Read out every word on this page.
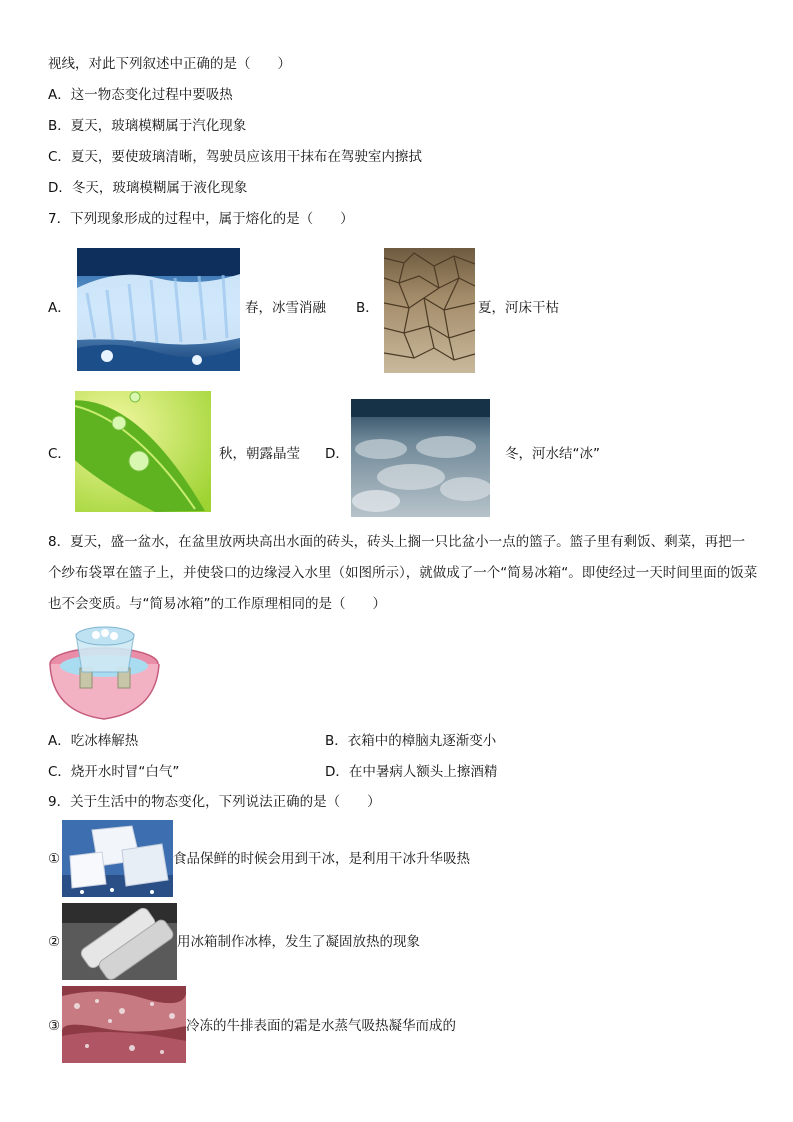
视线，对此下列叙述中正确的是（　　）
A．这一物态变化过程中要吸热
B．夏天，玻璃模糊属于汽化现象
C．夏天，要使玻璃清晰，驾驶员应该用干抹布在驾驶室内擦拭
D．冬天，玻璃模糊属于液化现象
7．下列现象形成的过程中，属于熔化的是（　　）
A．	春，冰雪消融 B．	夏，河床干枯
C．	秋，朝露晶莹 D．	冬，河水结“冰”
8．夏天，盛一盆水，在盆里放两块高出水面的砖头，砖头上搁一只比盆小一点的篮子。篮子里有剩饭、剩菜，再把一个纱布袋罩在篮子上，并使袋口的边缘浸入水里（如图所示），就做成了一个“简易冰箱“。即使经过一天时间里面的饭菜也不会变质。与“简易冰箱”的工作原理相同的是（　　）
A．吃冰棒解热	B．衣箱中的樟脑丸逐渐变小
C．烧开水时冒“白气”	D．在中暑病人额头上擦酒精
9．关于生活中的物态变化，下列说法正确的是（　　）
①	食品保鲜的时候会用到干冰，是利用干冰升华吸热
②	用冰箱制作冰棒，发生了凝固放热的现象
③	冷冻的牛排表面的霜是水蒸气吸热凝华而成的
